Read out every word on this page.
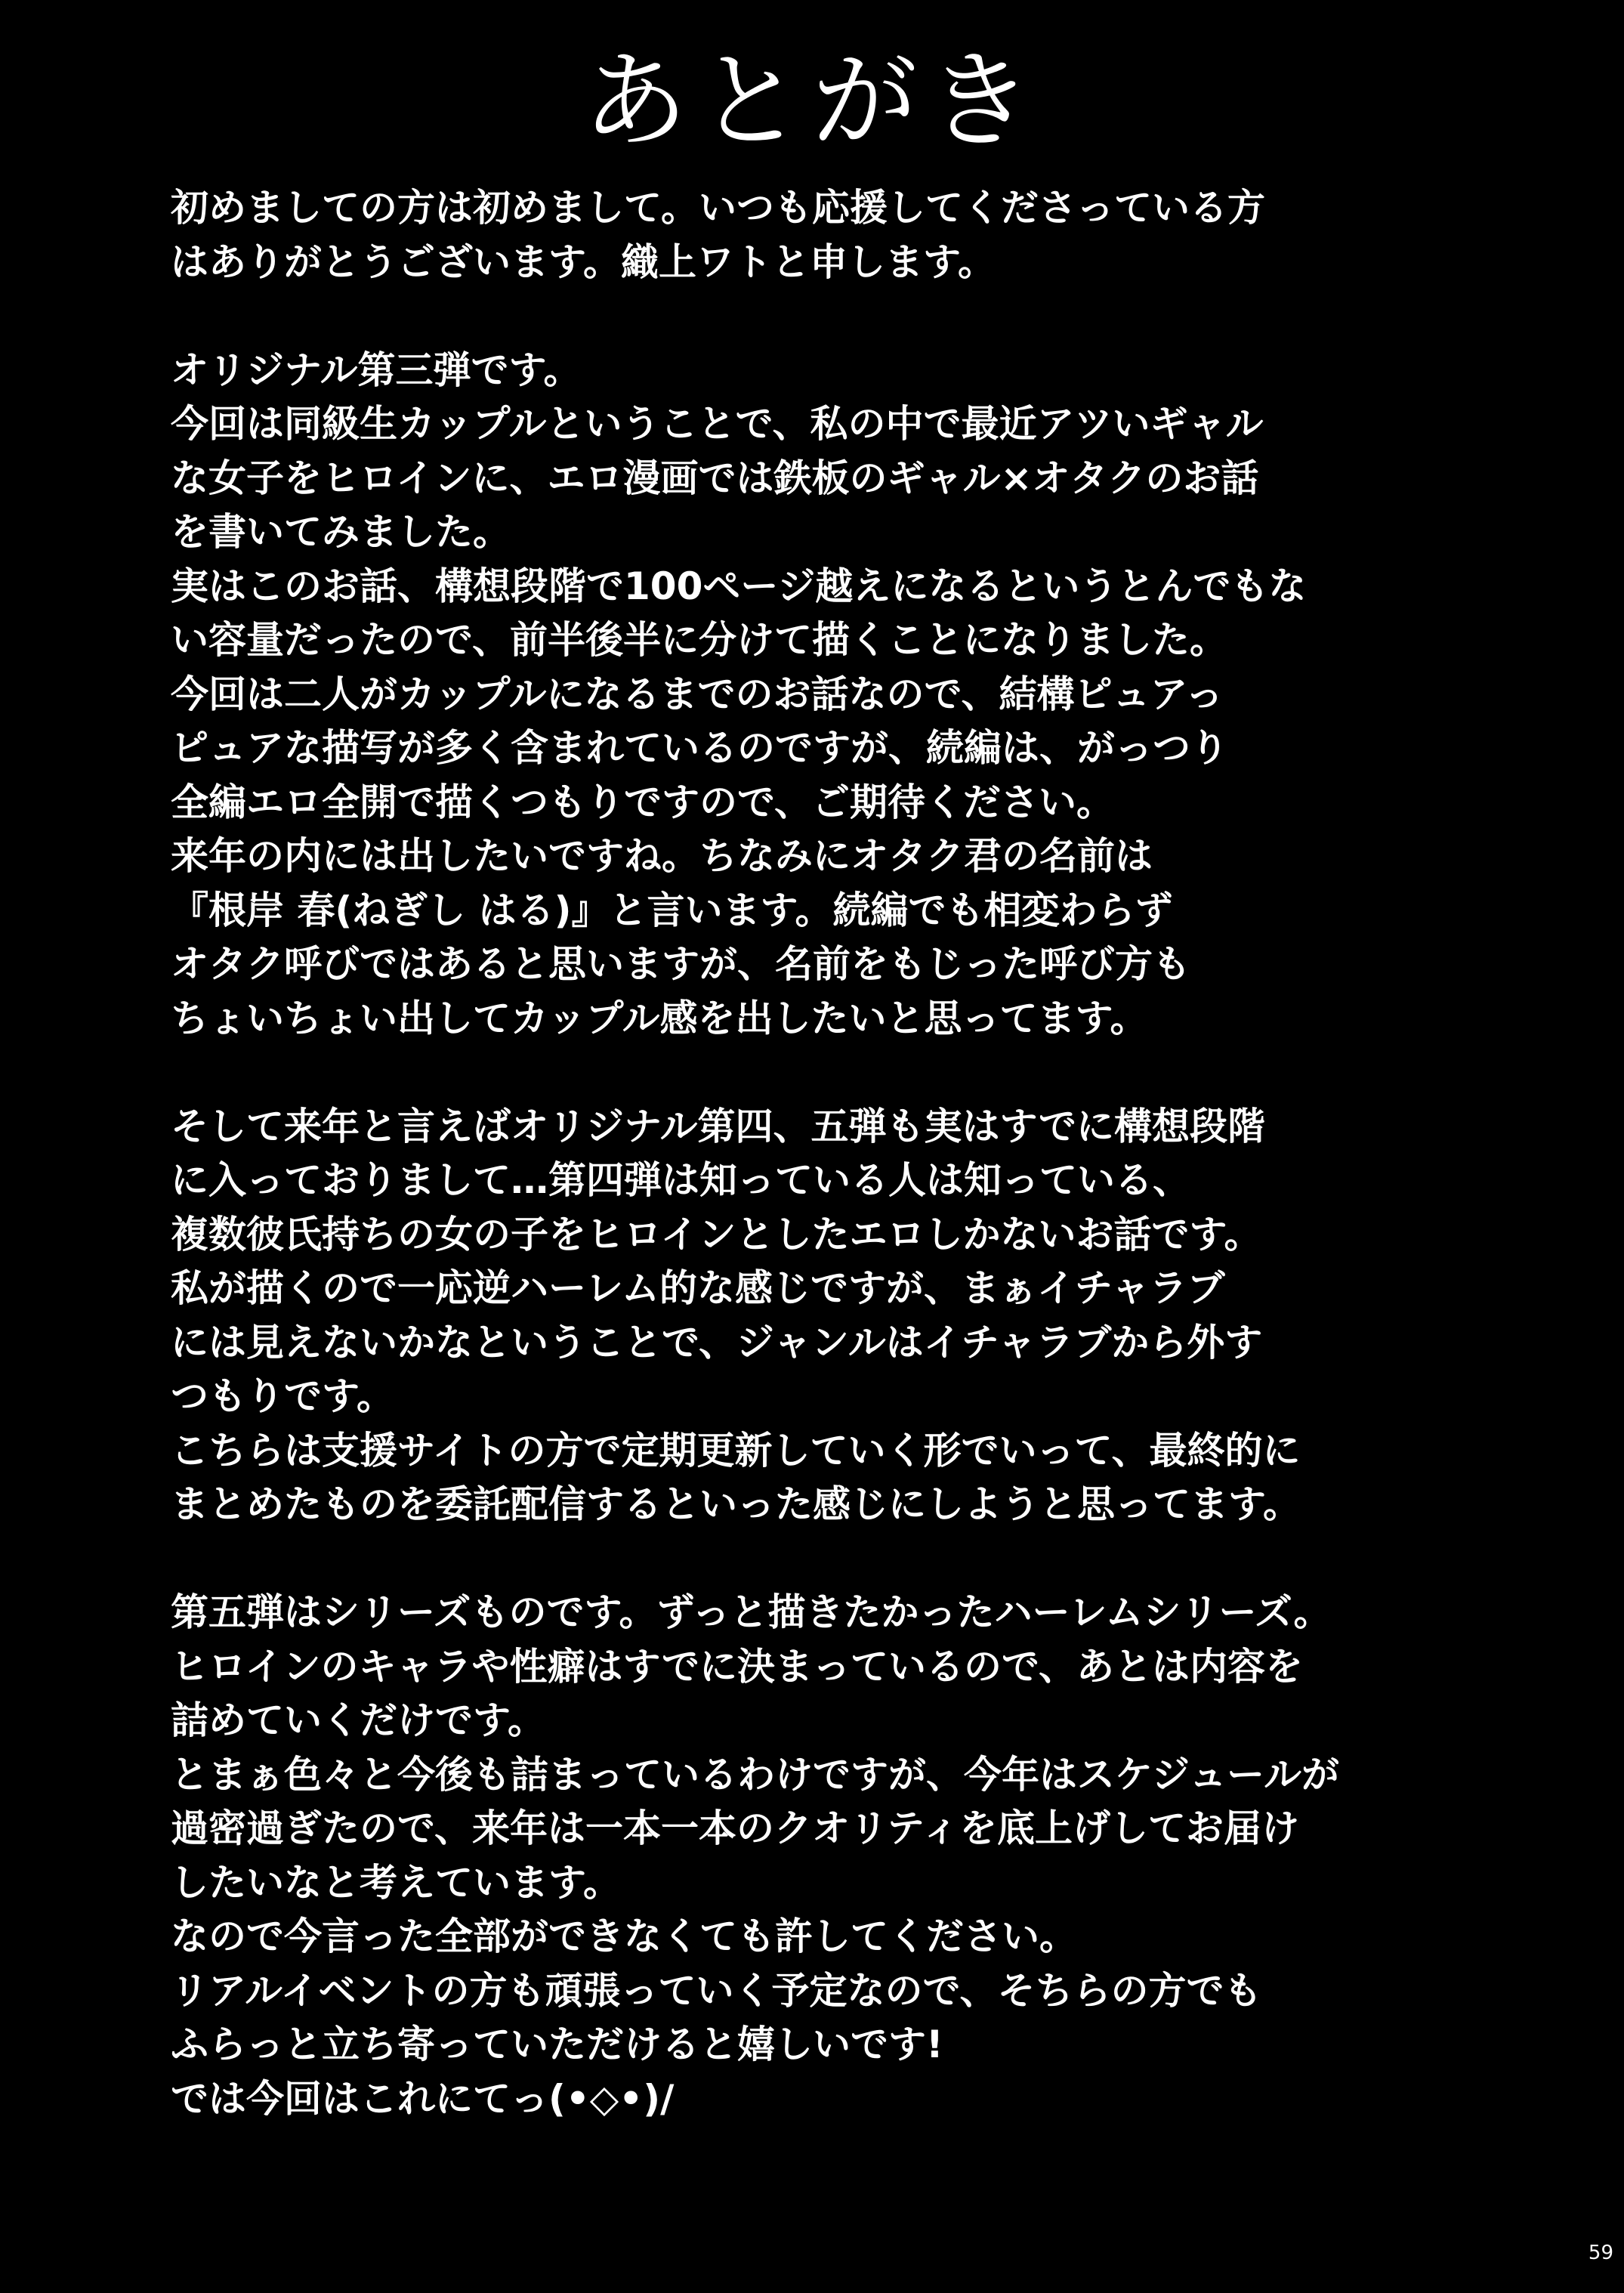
あとがき
初めましての方は初めまして。いつも応援してくださっている方
はありがとうございます。織上ワトと申します。
オリジナル第三弾です。
今回は同級生カップルということで、私の中で最近アツいギャル
な女子をヒロインに、エロ漫画では鉄板のギャル×オタクのお話
を書いてみました。
実はこのお話、構想段階で100ページ越えになるというとんでもな
い容量だったので、前半後半に分けて描くことになりました。
今回は二人がカップルになるまでのお話なので、結構ピュアっ
ピュアな描写が多く含まれているのですが、続編は、がっつり
全編エロ全開で描くつもりですので、ご期待ください。
来年の内には出したいですね。ちなみにオタク君の名前は
『根岸 春(ねぎし はる)』と言います。続編でも相変わらず
オタク呼びではあると思いますが、名前をもじった呼び方も
ちょいちょい出してカップル感を出したいと思ってます。
そして来年と言えばオリジナル第四、五弾も実はすでに構想段階
に入っておりまして…第四弾は知っている人は知っている、
複数彼氏持ちの女の子をヒロインとしたエロしかないお話です。
私が描くので一応逆ハーレム的な感じですが、まぁイチャラブ
には見えないかなということで、ジャンルはイチャラブから外す
つもりです。
こちらは支援サイトの方で定期更新していく形でいって、最終的に
まとめたものを委託配信するといった感じにしようと思ってます。
第五弾はシリーズものです。ずっと描きたかったハーレムシリーズ。
ヒロインのキャラや性癖はすでに決まっているので、あとは内容を
詰めていくだけです。
とまぁ色々と今後も詰まっているわけですが、今年はスケジュールが
過密過ぎたので、来年は一本一本のクオリティを底上げしてお届け
したいなと考えています。
なので今言った全部ができなくても許してください。
リアルイベントの方も頑張っていく予定なので、そちらの方でも
ふらっと立ち寄っていただけると嬉しいです!
では今回はこれにてっ(•◇•)/
59
